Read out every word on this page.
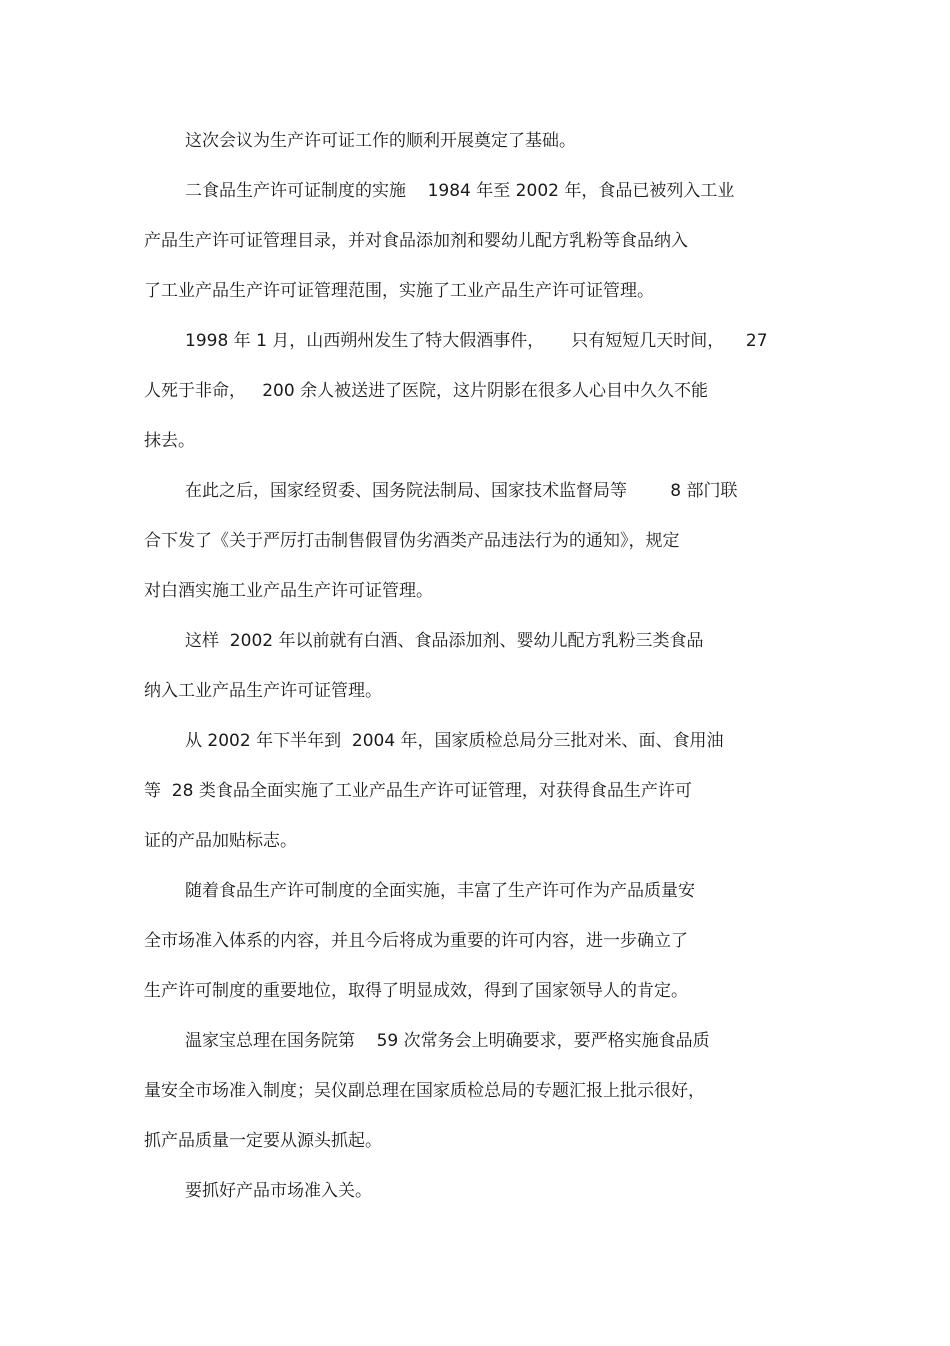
这次会议为生产许可证工作的顺利开展奠定了基础。
二食品生产许可证制度的实施    1984 年至 2002 年，食品已被列入工业
产品生产许可证管理目录，并对食品添加剂和婴幼儿配方乳粉等食品纳入
了工业产品生产许可证管理范围，实施了工业产品生产许可证管理。
1998 年 1 月，山西朔州发生了特大假酒事件，     只有短短几天时间，    27
人死于非命，   200 余人被送进了医院，这片阴影在很多人心目中久久不能
抹去。
在此之后，国家经贸委、国务院法制局、国家技术监督局等        8 部门联
合下发了《关于严厉打击制售假冒伪劣酒类产品违法行为的通知》，规定
对白酒实施工业产品生产许可证管理。
这样  2002 年以前就有白酒、食品添加剂、婴幼儿配方乳粉三类食品
纳入工业产品生产许可证管理。
从 2002 年下半年到  2004 年，国家质检总局分三批对米、面、食用油
等  28 类食品全面实施了工业产品生产许可证管理，对获得食品生产许可
证的产品加贴标志。
随着食品生产许可制度的全面实施，丰富了生产许可作为产品质量安
全市场准入体系的内容，并且今后将成为重要的许可内容，进一步确立了
生产许可制度的重要地位，取得了明显成效，得到了国家领导人的肯定。
温家宝总理在国务院第    59 次常务会上明确要求，要严格实施食品质
量安全市场准入制度；吴仪副总理在国家质检总局的专题汇报上批示很好，
抓产品质量一定要从源头抓起。
要抓好产品市场准入关。
